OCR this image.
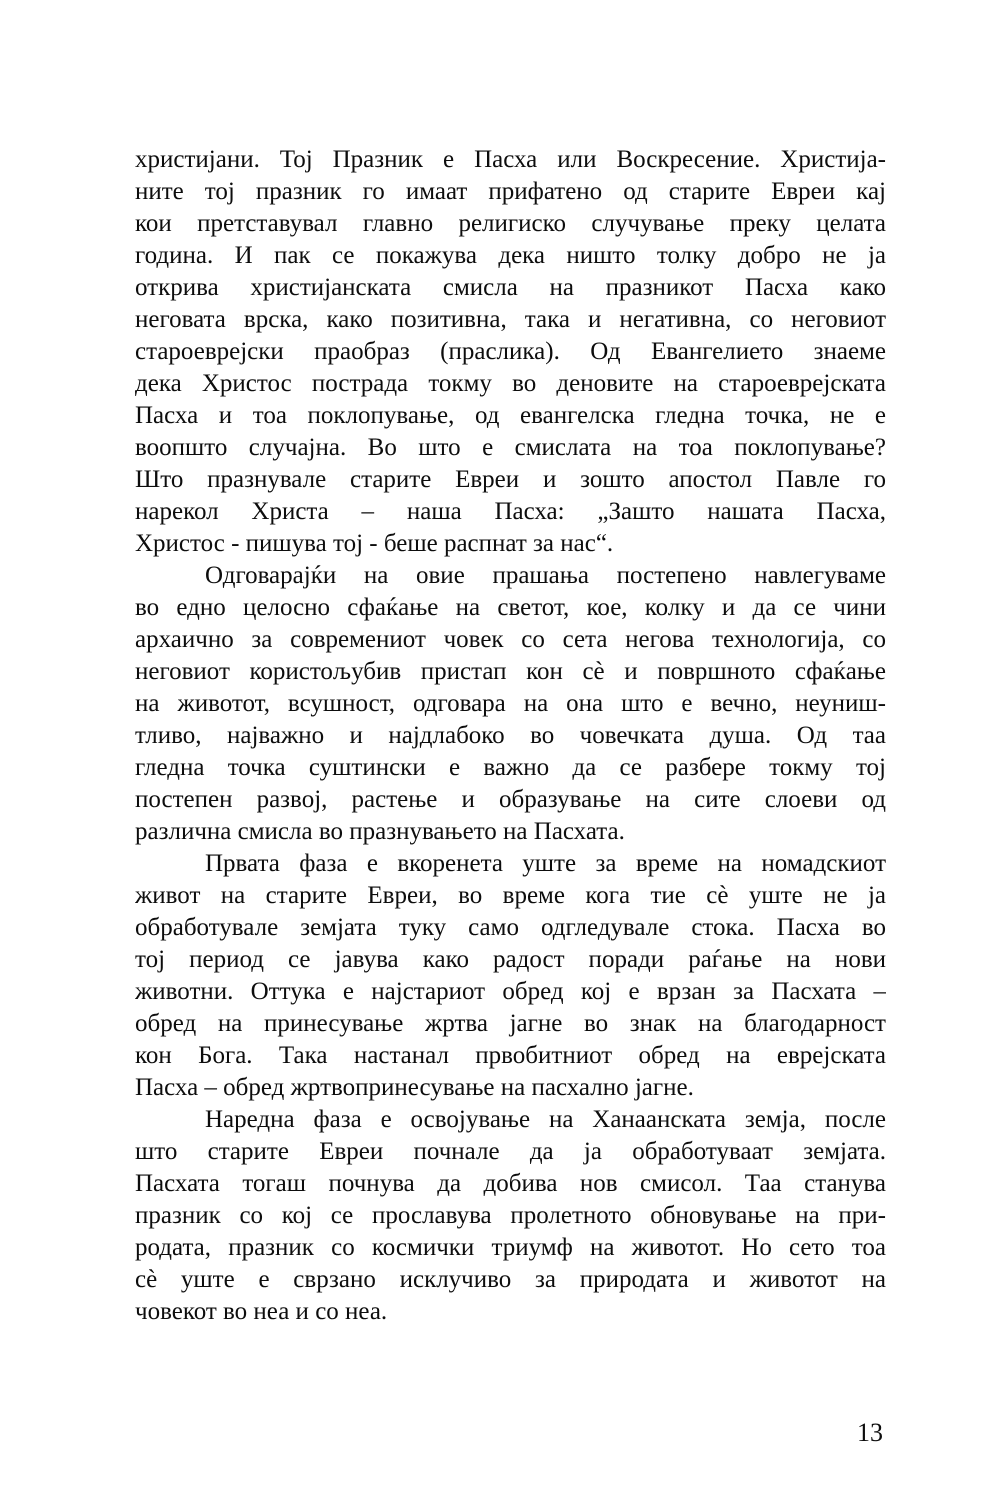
христијани. Тој Празник е Пасха или Воскресение. Христија-
ните тој празник го имаат прифатено од старите Евреи кај
кои претставувал главно религиско случување преку целата
година. И пак се покажува дека ништо толку добро не ја
открива христијанската смисла на празникот Пасха како
неговата врска, како позитивна, така и негативна, со неговиот
староеврејски праобраз (праслика). Од Евангелието знаеме
дека Христос пострада токму во деновите на староеврејската
Пасха и тоа поклопување, од евангелска гледна точка, не е
воопшто случајна. Во што е смислата на тоа поклопување?
Што празнувале старите Евреи и зошто апостол Павле го
нарекол Христа – наша Пасха: „Зашто нашата Пасха,
Христос - пишува тој - беше распнат за нас“.
Одговарајќи на овие прашања постепено навлегуваме
во едно целосно сфаќање на светот, кое, колку и да се чини
архаично за современиот човек со сета негова технологија, со
неговиот користољубив пристап кон сè и површното сфаќање
на животот, всушност, одговара на она што е вечно, неуниш-
тливо, најважно и најдлабоко во човечката душа. Од таа
гледна точка суштински е важно да се разбере токму тој
постепен развој, растење и образување на сите слоеви од
различна смисла во празнувањето на Пасхата.
Првата фаза е вкоренета уште за време на номадскиот
живот на старите Евреи, во време кога тие сè уште не ја
обработувале земјата туку само одгледувале стока. Пасха во
тој период се јавува како радост поради раѓање на нови
животни. Оттука е најстариот обред кој е врзан за Пасхата –
обред на принесување жртва јагне во знак на благодарност
кон Бога. Така настанал првобитниот обред на еврејската
Пасха – обред жртвопринесување на пасхално јагне.
Наредна фаза е освојување на Ханаанската земја, после
што старите Евреи почнале да ја обработуваат земјата.
Пасхата тогаш почнува да добива нов смисол. Таа станува
празник со кој се прославува пролетното обновување на при-
родата, празник со космички триумф на животот. Но сето тоа
сè уште е сврзано исклучиво за природата и животот на
човекот во неа и со неа.
13
